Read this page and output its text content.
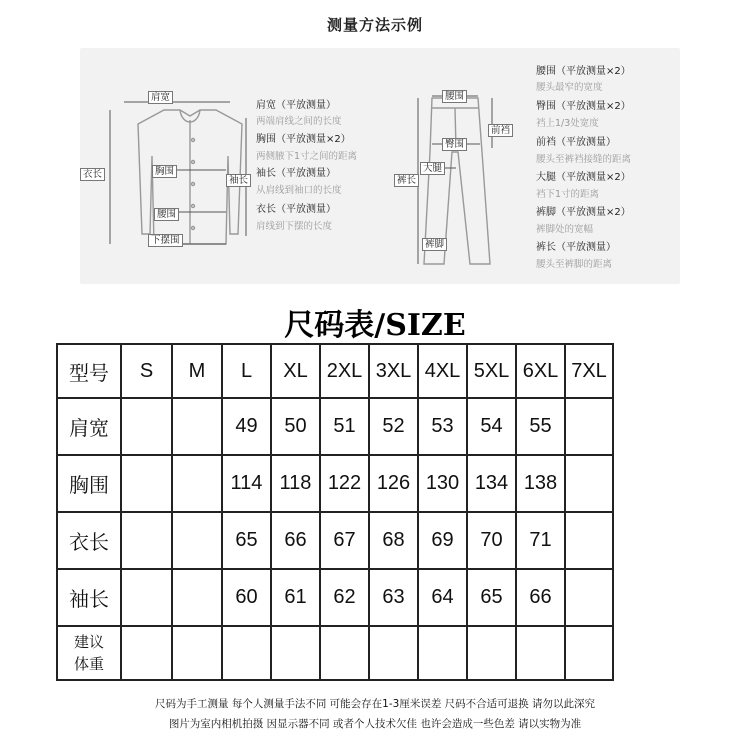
测量方法示例
肩宽
胸围
腰围
下摆围
衣长
袖长
肩宽（平放测量）
两端肩线之间的长度
胸围（平放测量×2）
两侧腋下1寸之间的距离
袖长（平放测量）
从肩线到袖口的长度
衣长（平放测量）
肩线到下摆的长度
腰围
臀围
前裆
大腿
裤长
裤脚
腰围（平放测量×2）
腰头最窄的宽度
臀围（平放测量×2）
裆上1/3处宽度
前裆（平放测量）
腰头至裤裆接缝的距离
大腿（平放测量×2）
裆下1寸的距离
裤脚（平放测量×2）
裤脚处的宽幅
裤长（平放测量）
腰头至裤脚的距离
尺码表/SIZE
型号	S	M	L	XL	2XL	3XL	4XL	5XL	6XL	7XL
肩宽			49	50	51	52	53	54	55	
胸围			114	118	122	126	130	134	138	
衣长			65	66	67	68	69	70	71	
袖长			60	61	62	63	64	65	66	
建议
体重										
尺码为手工测量 每个人测量手法不同 可能会存在1-3厘米误差 尺码不合适可退换 请勿以此深究
图片为室内相机拍摄 因显示器不同 或者个人技术欠佳 也许会造成一些色差 请以实物为准
